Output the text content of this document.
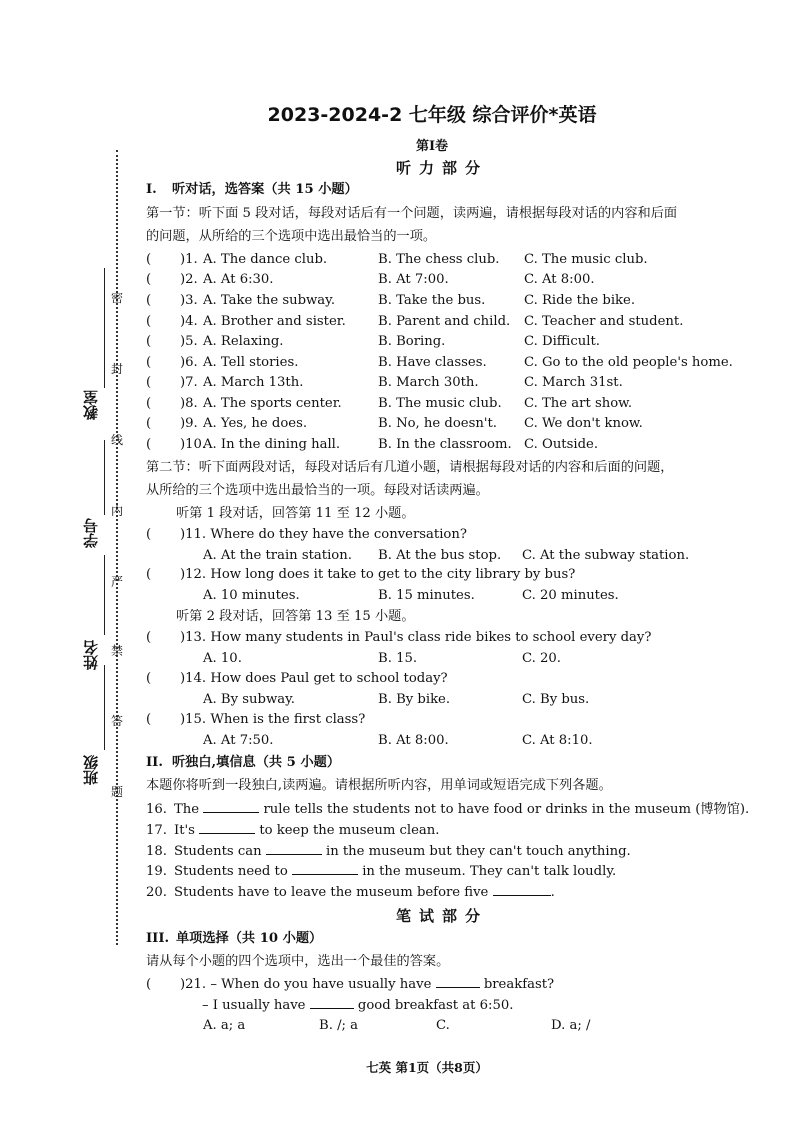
密
封
线
内
严
禁
答
题
教室
学号
姓名
班级
2023-2024-2 七年级 综合评价*英语
第Ⅰ卷
听力部分
I. 听对话，选答案（共 15 小题）
第一节：听下面 5 段对话，每段对话后有一个问题，读两遍，请根据每段对话的内容和后面
的问题，从所给的三个选项中选出最恰当的一项。
( )1. A. The dance club.	B. The chess club. C. The music club.
( )2. A. At 6:30.	B. At 7:00.	C. At 8:00.
( )3. A. Take the subway.	B. Take the bus.	C. Ride the bike.
( )4. A. Brother and sister. B. Parent and child. C. Teacher and student.
( )5. A. Relaxing.	B. Boring.	C. Difficult.
( )6. A. Tell stories.	B. Have classes.	C. Go to the old people's home.
( )7. A. March 13th.	B. March 30th.	C. March 31st.
( )8. A. The sports center.	B. The music club. C. The art show.
( )9. A. Yes, he does.	B. No, he doesn't. C. We don't know.
( )10.
A. In the dining hall.	B. In the classroom. C. Outside.
第二节：听下面两段对话，每段对话后有几道小题，请根据每段对话的内容和后面的问题，
从所给的三个选项中选出最恰当的一项。每段对话读两遍。
听第 1 段对话，回答第 11 至 12 小题。
( )11. Where do they have the conversation?
A. At the train station. B. At the bus stop. C. At the subway station.
( )12. How long does it take to get to the city library by bus?
A. 10 minutes.	B. 15 minutes.	C. 20 minutes.
听第 2 段对话，回答第 13 至 15 小题。
( )13. How many students in Paul's class ride bikes to school every day?
A. 10.	B. 15.	C. 20.
( )14. How does Paul get to school today?
A. By subway.	B. By bike.	C. By bus.
( )15. When is the first class?
A. At 7:50.	B. At 8:00.	C. At 8:10.
II. 听独白,填信息（共 5 小题）
本题你将听到一段独白,读两遍。请根据所听内容，用单词或短语完成下列各题。
16. The	rule tells the students not to have food or drinks in the museum (博物馆).
17. It's	to keep the museum clean.
18. Students can	in the museum but they can't touch anything.
19. Students need to	in the museum. They can't talk loudly.
20. Students have to leave the museum before five	.
笔试部分
III. 单项选择（共 10 小题）
请从每个小题的四个选项中，选出一个最佳的答案。
( )21. – When do you have usually have	breakfast?
– I usually have	good breakfast at 6:50.
A. a; a	B. /; a	C.	D. a; /
七英 第1页（共8页）
